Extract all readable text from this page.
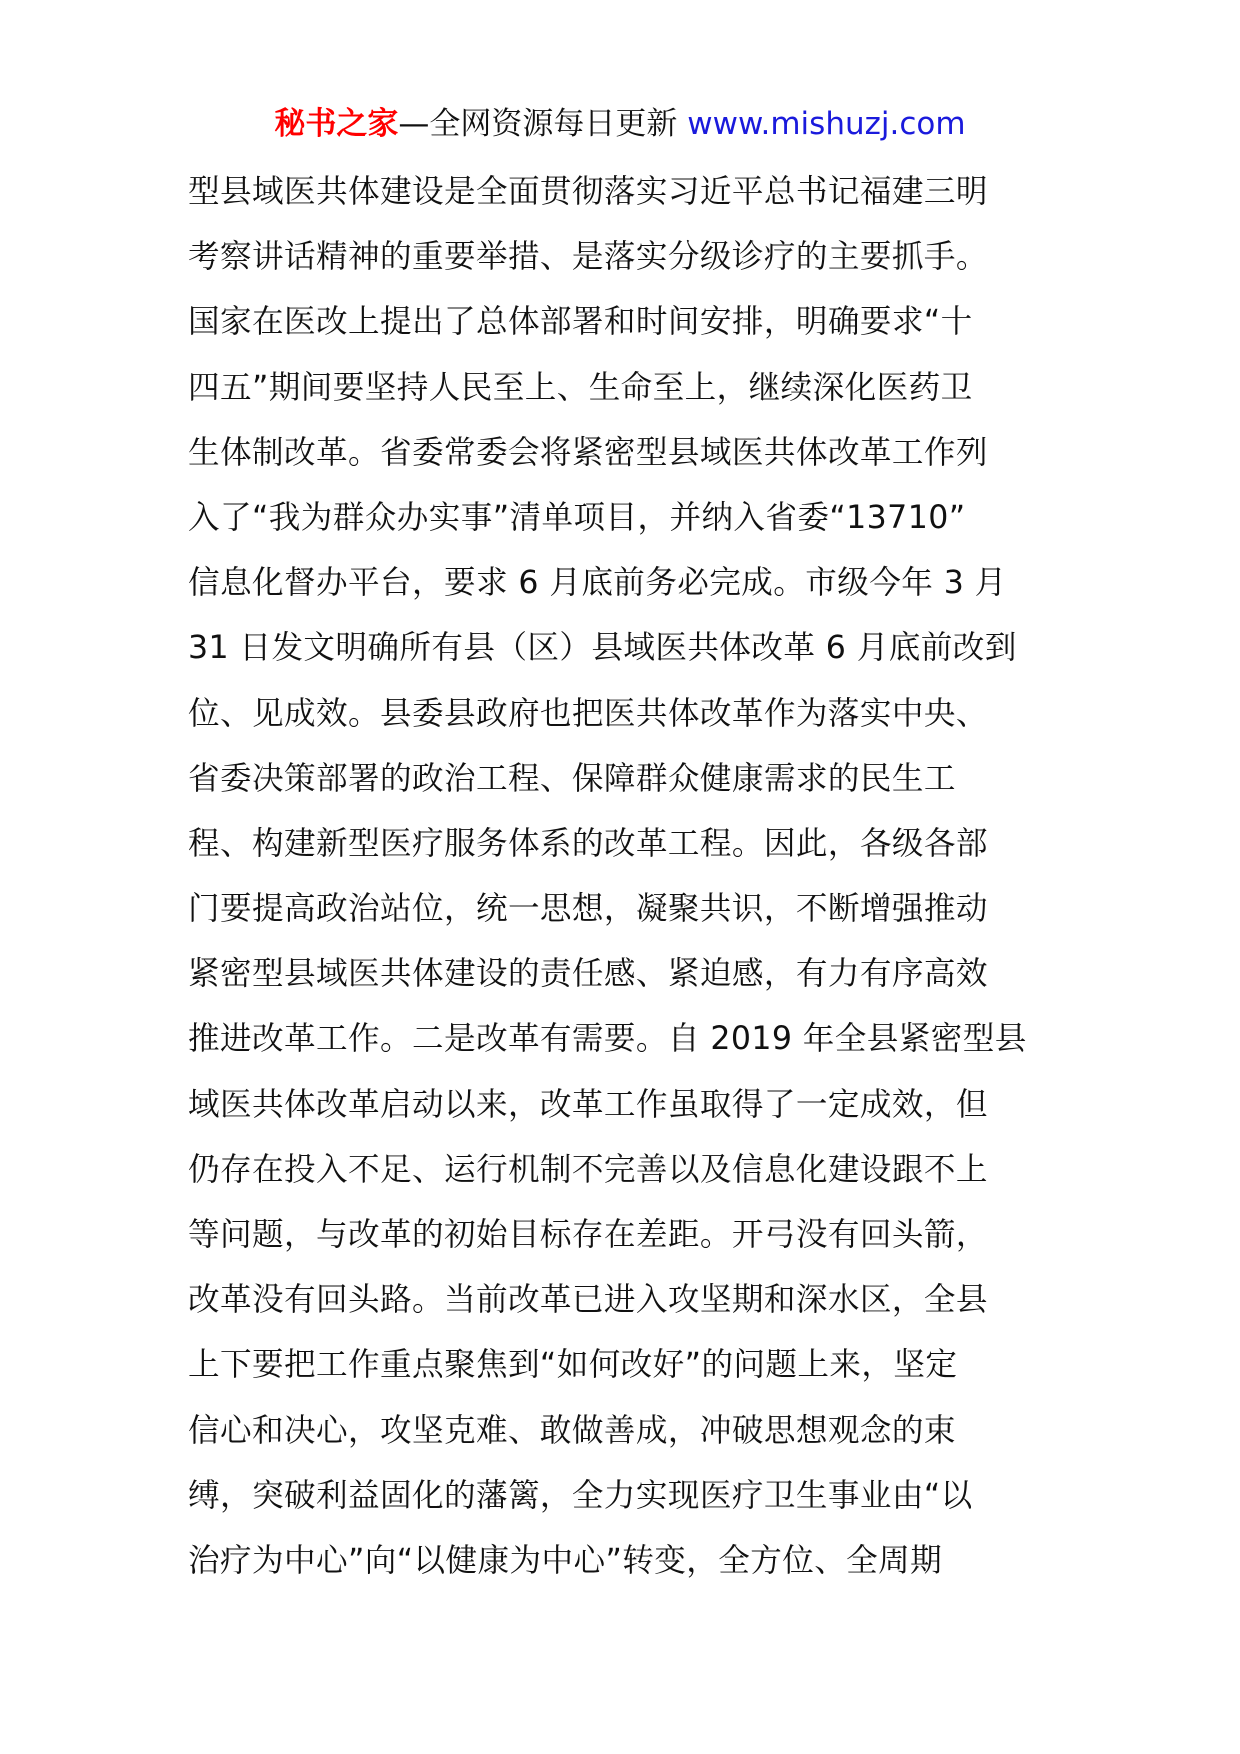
秘书之家—全网资源每日更新 www.mishuzj.com
型县域医共体建设是全面贯彻落实习近平总书记福建三明
考察讲话精神的重要举措、是落实分级诊疗的主要抓手。
国家在医改上提出了总体部署和时间安排，明确要求“十
四五”期间要坚持人民至上、生命至上，继续深化医药卫
生体制改革。省委常委会将紧密型县域医共体改革工作列
入了“我为群众办实事”清单项目，并纳入省委“13710”
信息化督办平台，要求 6 月底前务必完成。市级今年 3 月
31 日发文明确所有县（区）县域医共体改革 6 月底前改到
位、见成效。县委县政府也把医共体改革作为落实中央、
省委决策部署的政治工程、保障群众健康需求的民生工
程、构建新型医疗服务体系的改革工程。因此，各级各部
门要提高政治站位，统一思想，凝聚共识，不断增强推动
紧密型县域医共体建设的责任感、紧迫感，有力有序高效
推进改革工作。二是改革有需要。自 2019 年全县紧密型县
域医共体改革启动以来，改革工作虽取得了一定成效，但
仍存在投入不足、运行机制不完善以及信息化建设跟不上
等问题，与改革的初始目标存在差距。开弓没有回头箭，
改革没有回头路。当前改革已进入攻坚期和深水区，全县
上下要把工作重点聚焦到“如何改好”的问题上来，坚定
信心和决心，攻坚克难、敢做善成，冲破思想观念的束
缚，突破利益固化的藩篱，全力实现医疗卫生事业由“以
治疗为中心”向“以健康为中心”转变，全方位、全周期
